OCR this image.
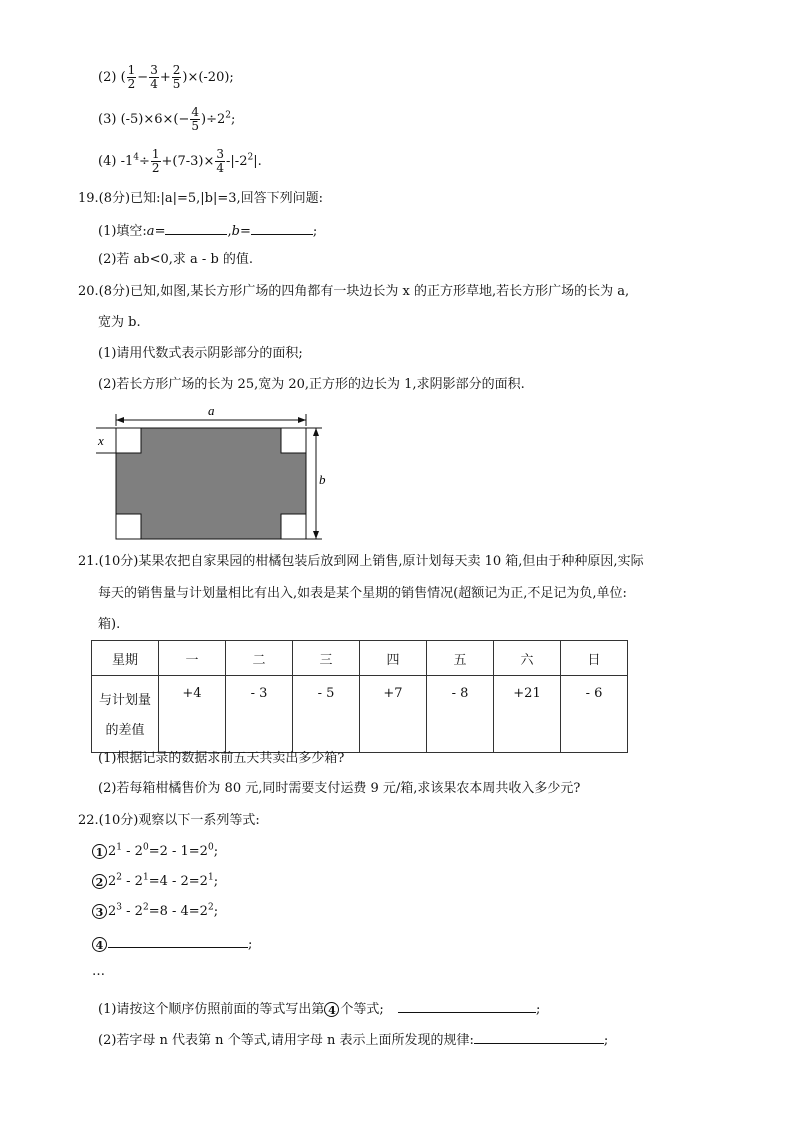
(2) ( $\frac{1}{2} - \frac{3}{4} + \frac{2}{5} )\times(-20)$;
(3) $(-5)\times 6\times(- \frac{4}{5} )\div 2^2$;
(4) $-1^4\div \frac{1}{2} +(7-3)\times \frac{3}{4} -|-2^2|$.
19.(8分)已知:|a|=5,|b|=3,回答下列问题:
(1)填空:a=	,b=	;
(2)若 ab<0,求 a - b 的值.
20.(8分)已知,如图,某长方形广场的四角都有一块边长为 x 的正方形草地,若长方形广场的长为 a,
宽为 b.
(1)请用代数式表示阴影部分的面积;
(2)若长方形广场的长为 25,宽为 20,正方形的边长为 1,求阴影部分的面积.
a
x
b
21.(10分)某果农把自家果园的柑橘包装后放到网上销售,原计划每天卖 10 箱,但由于种种原因,实际
每天的销售量与计划量相比有出入,如表是某个星期的销售情况(超额记为正,不足记为负,单位:
箱).
星期	一	二	三	四	五	六	日
与计划量
的差值	+4	- 3	- 5	+7	- 8	+21	- 6
(1)根据记录的数据求前五天共卖出多少箱?
(2)若每箱柑橘售价为 80 元,同时需要支付运费 9 元/箱,求该果农本周共收入多少元?
22.(10分)观察以下一系列等式:
1 $2^1 - 2^0=2 - 1=2^0$;
2 $2^2 - 2^1=4 - 2=2^1$;
3 $2^3 - 2^2=8 - 4=2^2$;
4	;
…
(1)请按这个顺序仿照前面的等式写出第 4 个等式;	;
(2)若字母 n 代表第 n 个等式,请用字母 n 表示上面所发现的规律:	;
